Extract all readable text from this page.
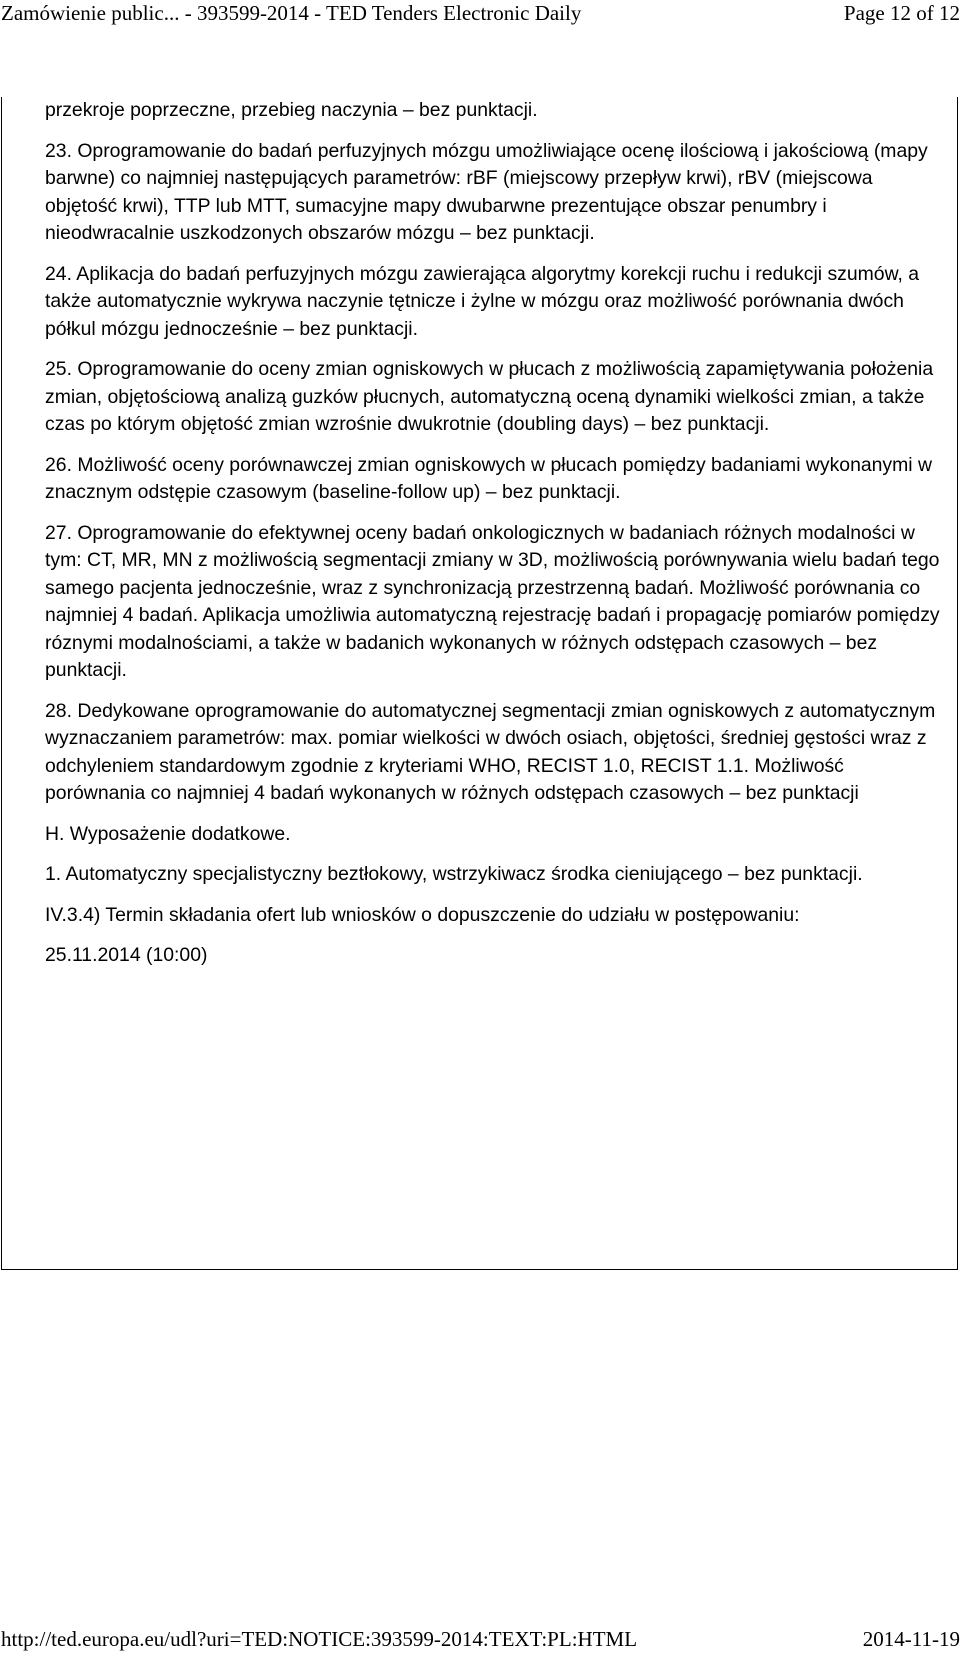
Zamówienie public... - 393599-2014 - TED Tenders Electronic Daily	Page 12 of 12

przekroje poprzeczne, przebieg naczynia – bez punktacji.

23. Oprogramowanie do badań perfuzyjnych mózgu umożliwiające ocenę ilościową i jakościową (mapy barwne) co najmniej następujących parametrów: rBF (miejscowy przepływ krwi), rBV (miejscowa objętość krwi), TTP lub MTT, sumacyjne mapy dwubarwne prezentujące obszar penumbry i nieodwracalnie uszkodzonych obszarów mózgu – bez punktacji.

24. Aplikacja do badań perfuzyjnych mózgu zawierająca algorytmy korekcji ruchu i redukcji szumów, a także automatycznie wykrywa naczynie tętnicze i żylne w mózgu oraz możliwość porównania dwóch półkul mózgu jednocześnie – bez punktacji.

25. Oprogramowanie do oceny zmian ogniskowych w płucach z możliwością zapamiętywania położenia zmian, objętościową analizą guzków płucnych, automatyczną oceną dynamiki wielkości zmian, a także czas po którym objętość zmian wzrośnie dwukrotnie (doubling days) – bez punktacji.

26. Możliwość oceny porównawczej zmian ogniskowych w płucach pomiędzy badaniami wykonanymi w znacznym odstępie czasowym (baseline-follow up) – bez punktacji.

27. Oprogramowanie do efektywnej oceny badań onkologicznych w badaniach różnych modalności w tym: CT, MR, MN z możliwością segmentacji zmiany w 3D, możliwością porównywania wielu badań tego samego pacjenta jednocześnie, wraz z synchronizacją przestrzenną badań. Możliwość porównania co najmniej 4 badań. Aplikacja umożliwia automatyczną rejestrację badań i propagację pomiarów pomiędzy róznymi modalnościami, a także w badanich wykonanych w różnych odstępach czasowych – bez punktacji.

28. Dedykowane oprogramowanie do automatycznej segmentacji zmian ogniskowych z automatycznym wyznaczaniem parametrów: max. pomiar wielkości w dwóch osiach, objętości, średniej gęstości wraz z odchyleniem standardowym zgodnie z kryteriami WHO, RECIST 1.0, RECIST 1.1. Możliwość porównania co najmniej 4 badań wykonanych w różnych odstępach czasowych – bez punktacji

H. Wyposażenie dodatkowe.

1. Automatyczny specjalistyczny beztłokowy, wstrzykiwacz środka cieniującego – bez punktacji.

IV.3.4) Termin składania ofert lub wniosków o dopuszczenie do udziału w postępowaniu:

25.11.2014 (10:00)

http://ted.europa.eu/udl?uri=TED:NOTICE:393599-2014:TEXT:PL:HTML	2014-11-19
